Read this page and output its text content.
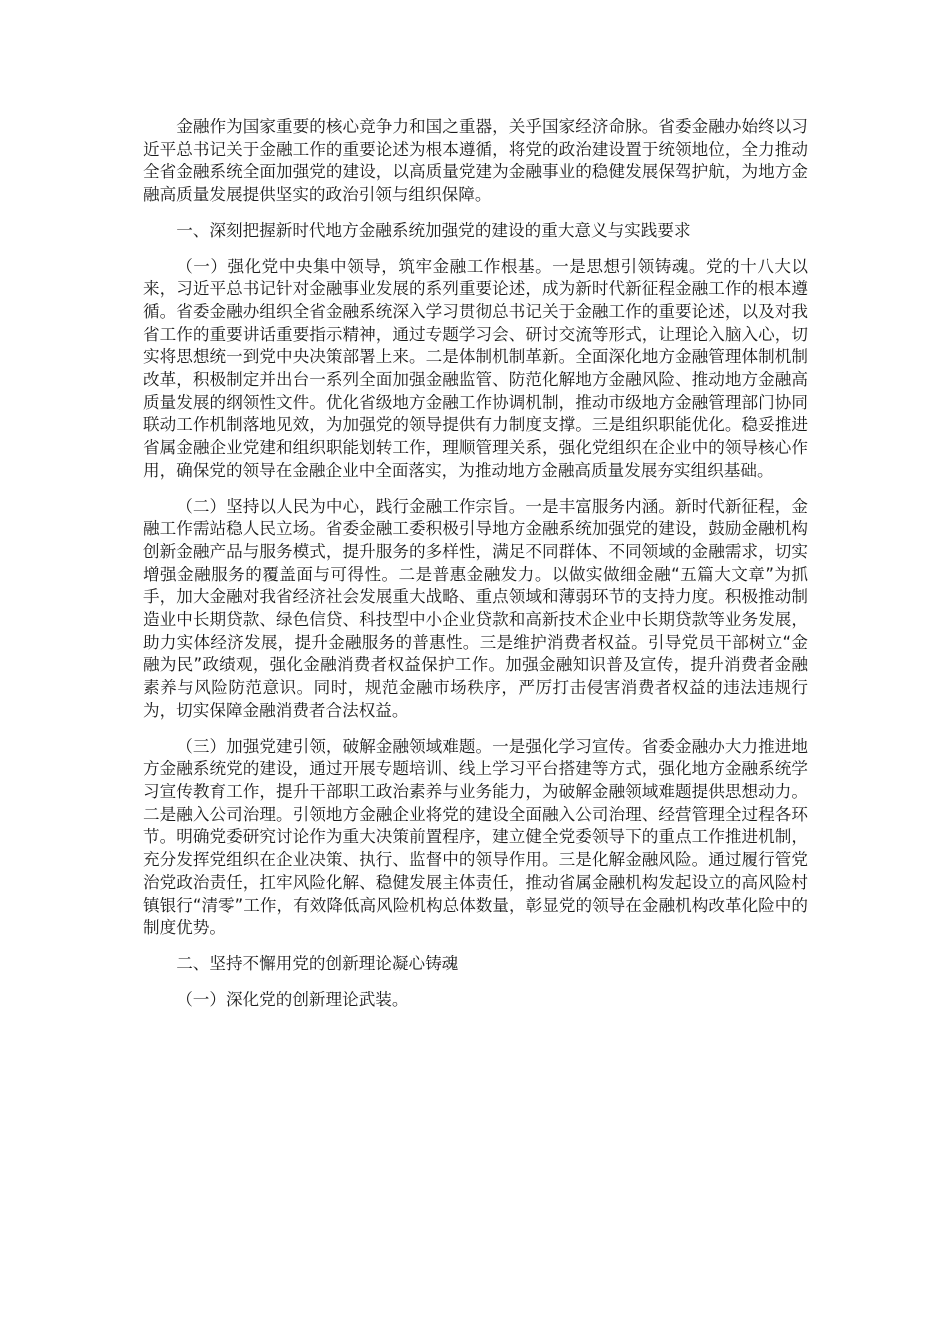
金融作为国家重要的核心竞争力和国之重器，关乎国家经济命脉。省委金融办始终以习近平总书记关于金融工作的重要论述为根本遵循，将党的政治建设置于统领地位，全力推动全省金融系统全面加强党的建设，以高质量党建为金融事业的稳健发展保驾护航，为地方金融高质量发展提供坚实的政治引领与组织保障。

一、深刻把握新时代地方金融系统加强党的建设的重大意义与实践要求

（一）强化党中央集中领导，筑牢金融工作根基。一是思想引领铸魂。党的十八大以来，习近平总书记针对金融事业发展的系列重要论述，成为新时代新征程金融工作的根本遵循。省委金融办组织全省金融系统深入学习贯彻总书记关于金融工作的重要论述，以及对我省工作的重要讲话重要指示精神，通过专题学习会、研讨交流等形式，让理论入脑入心，切实将思想统一到党中央决策部署上来。二是体制机制革新。全面深化地方金融管理体制机制改革，积极制定并出台一系列全面加强金融监管、防范化解地方金融风险、推动地方金融高质量发展的纲领性文件。优化省级地方金融工作协调机制，推动市级地方金融管理部门协同联动工作机制落地见效，为加强党的领导提供有力制度支撑。三是组织职能优化。稳妥推进省属金融企业党建和组织职能划转工作，理顺管理关系，强化党组织在企业中的领导核心作用，确保党的领导在金融企业中全面落实，为推动地方金融高质量发展夯实组织基础。

（二）坚持以人民为中心，践行金融工作宗旨。一是丰富服务内涵。新时代新征程，金融工作需站稳人民立场。省委金融工委积极引导地方金融系统加强党的建设，鼓励金融机构创新金融产品与服务模式，提升服务的多样性，满足不同群体、不同领域的金融需求，切实增强金融服务的覆盖面与可得性。二是普惠金融发力。以做实做细金融“五篇大文章”为抓手，加大金融对我省经济社会发展重大战略、重点领域和薄弱环节的支持力度。积极推动制造业中长期贷款、绿色信贷、科技型中小企业贷款和高新技术企业中长期贷款等业务发展，助力实体经济发展，提升金融服务的普惠性。三是维护消费者权益。引导党员干部树立“金融为民”政绩观，强化金融消费者权益保护工作。加强金融知识普及宣传，提升消费者金融素养与风险防范意识。同时，规范金融市场秩序，严厉打击侵害消费者权益的违法违规行为，切实保障金融消费者合法权益。

（三）加强党建引领，破解金融领域难题。一是强化学习宣传。省委金融办大力推进地方金融系统党的建设，通过开展专题培训、线上学习平台搭建等方式，强化地方金融系统学习宣传教育工作，提升干部职工政治素养与业务能力，为破解金融领域难题提供思想动力。二是融入公司治理。引领地方金融企业将党的建设全面融入公司治理、经营管理全过程各环节。明确党委研究讨论作为重大决策前置程序，建立健全党委领导下的重点工作推进机制，充分发挥党组织在企业决策、执行、监督中的领导作用。三是化解金融风险。通过履行管党治党政治责任，扛牢风险化解、稳健发展主体责任，推动省属金融机构发起设立的高风险村镇银行“清零”工作，有效降低高风险机构总体数量，彰显党的领导在金融机构改革化险中的制度优势。

二、坚持不懈用党的创新理论凝心铸魂

（一）深化党的创新理论武装。
